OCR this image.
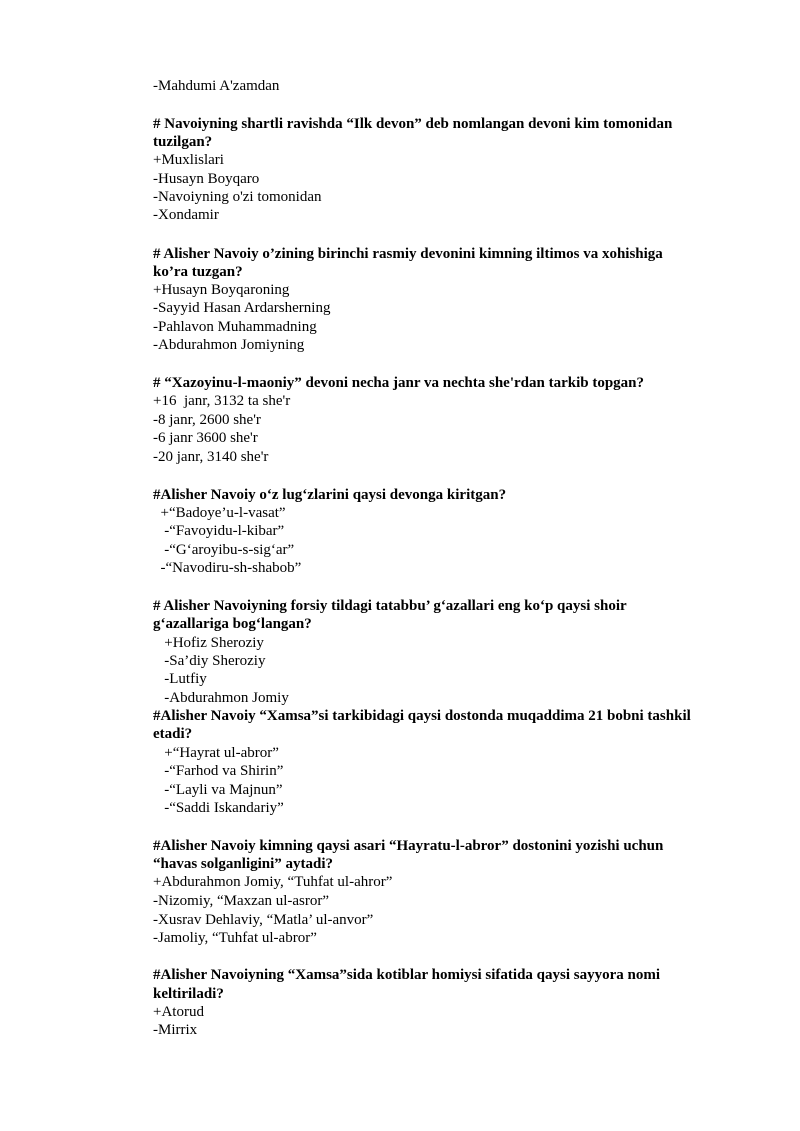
-Mahdumi A'zamdan
# Navoiyning shartli ravishda “Ilk devon” deb nomlangan devoni kim tomonidan
tuzilgan?
+Muxlislari
-Husayn Boyqaro
-Navoiyning o'zi tomonidan
-Xondamir
# Alisher Navoiy o’zining birinchi rasmiy devonini kimning iltimos va xohishiga
ko’ra tuzgan?
+Husayn Boyqaroning
-Sayyid Hasan Ardarsherning
-Pahlavon Muhammadning
-Abdurahmon Jomiyning
# “Xazoyinu-l-maoniy” devoni necha janr va nechta she'rdan tarkib topgan?
+16  janr, 3132 ta she'r
-8 janr, 2600 she'r
-6 janr 3600 she'r
-20 janr, 3140 she'r
#Alisher Navoiy o‘z lug‘zlarini qaysi devonga kiritgan?
+“Badoye’u-l-vasat”
-“Favoyidu-l-kibar”
-“G‘aroyibu-s-sig‘ar”
-“Navodiru-sh-shabob”
# Alisher Navoiyning forsiy tildagi tatabbu’ g‘azallari eng ko‘p qaysi shoir
g‘azallariga bog‘langan?
+Hofiz Sheroziy
-Sa’diy Sheroziy
-Lutfiy
-Abdurahmon Jomiy
#Alisher Navoiy “Xamsa”si tarkibidagi qaysi dostonda muqaddima 21 bobni tashkil
etadi?
+“Hayrat ul-abror”
-“Farhod va Shirin”
-“Layli va Majnun”
-“Saddi Iskandariy”
#Alisher Navoiy kimning qaysi asari “Hayratu-l-abror” dostonini yozishi uchun
“havas solganligini” aytadi?
+Abdurahmon Jomiy, “Tuhfat ul-ahror”
-Nizomiy, “Maxzan ul-asror”
-Xusrav Dehlaviy, “Matla’ ul-anvor”
-Jamoliy, “Tuhfat ul-abror”
#Alisher Navoiyning “Xamsa”sida kotiblar homiysi sifatida qaysi sayyora nomi
keltiriladi?
+Atorud
-Mirrix
